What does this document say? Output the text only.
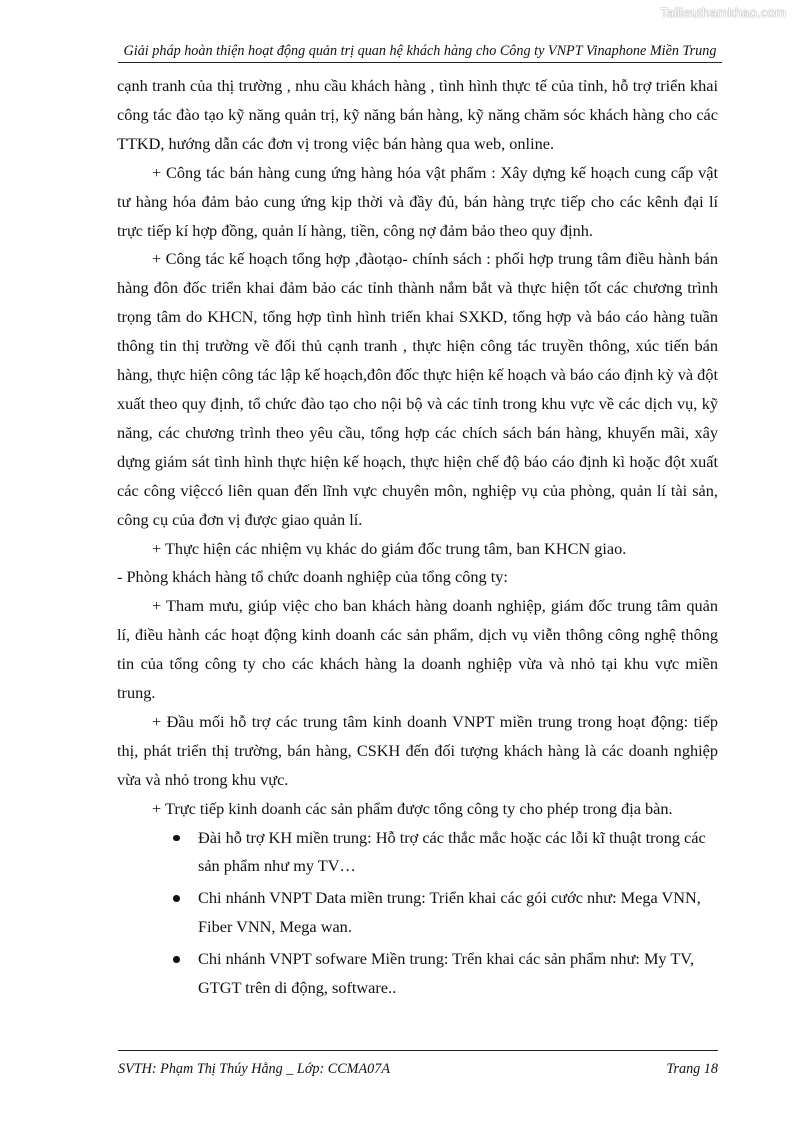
Tailieuthamkhao.com
Giải pháp hoàn thiện hoạt động quản trị quan hệ khách hàng cho Công ty VNPT Vinaphone Miền Trung

cạnh tranh của thị trường , nhu cầu khách hàng , tình hình thực tế của tỉnh, hỗ trợ triển khai công tác đào tạo kỹ năng quản trị, kỹ năng bán hàng, kỹ năng chăm sóc khách hàng cho các TTKD, hướng dẫn các đơn vị trong việc bán hàng qua web, online.

+ Công tác bán hàng cung ứng hàng hóa vật phẩm : Xây dựng kế hoạch cung cấp vật tư hàng hóa đảm bảo cung ứng kịp thời và đầy đủ, bán hàng trực tiếp cho các kênh đại lí trực tiếp kí hợp đồng, quản lí hàng, tiền, công nợ đảm bảo theo quy định.

+ Công tác kế hoạch tổng hợp ,đàotạo- chính sách : phối hợp trung tâm điều hành bán hàng đôn đốc triển khai đảm bảo các tỉnh thành nắm bắt và thực hiện tốt các chương trình trọng tâm do KHCN, tổng hợp tình hình triển khai SXKD, tổng hợp và báo cáo hàng tuần thông tin thị trường về đối thủ cạnh tranh , thực hiện công tác truyền thông, xúc tiến bán hàng, thực hiện công tác lập kế hoạch,đôn đốc thực hiện kế hoạch và báo cáo định kỳ và đột xuất theo quy định, tổ chức đào tạo cho nội bộ và các tỉnh trong khu vực về các dịch vụ, kỹ năng, các chương trình theo yêu cầu, tổng hợp các chích sách bán hàng, khuyến mãi, xây dựng giám sát tình hình thực hiện kế hoạch, thực hiện chế độ báo cáo định kì hoặc đột xuất các công việccó liên quan đến lĩnh vực chuyên môn, nghiệp vụ của phòng, quản lí tài sản, công cụ của đơn vị được giao quản lí.

+ Thực hiện các nhiệm vụ khác do giám đốc trung tâm, ban KHCN giao.

- Phòng khách hàng tổ chức doanh nghiệp của tổng công ty:

+ Tham mưu, giúp việc cho ban khách hàng doanh nghiệp, giám đốc trung tâm quản lí, điều hành các hoạt động kinh doanh các sản phẩm, dịch vụ viễn thông công nghệ thông tin của tổng công ty cho các khách hàng la doanh nghiệp vừa và nhỏ tại khu vực miền trung.

+ Đầu mối hỗ trợ các trung tâm kinh doanh VNPT miền trung trong hoạt động: tiếp thị, phát triển thị trường, bán hàng, CSKH đến đối tượng khách hàng là các doanh nghiệp vừa và nhỏ trong khu vực.

+ Trực tiếp kinh doanh các sản phẩm được tổng công ty cho phép trong địa bàn.

Đài hỗ trợ KH miền trung: Hỗ trợ các thắc mắc hoặc các lỗi kĩ thuật trong các sản phẩm như my TV…
Chi nhánh VNPT Data miền trung: Triển khai các gói cước như: Mega VNN, Fiber VNN, Mega wan.
Chi nhánh VNPT sofware Miền trung: Trển khai các sản phẩm như: My TV, GTGT trên di động, software..
SVTH: Phạm Thị Thúy Hằng _ Lớp: CCMA07A	Trang 18
